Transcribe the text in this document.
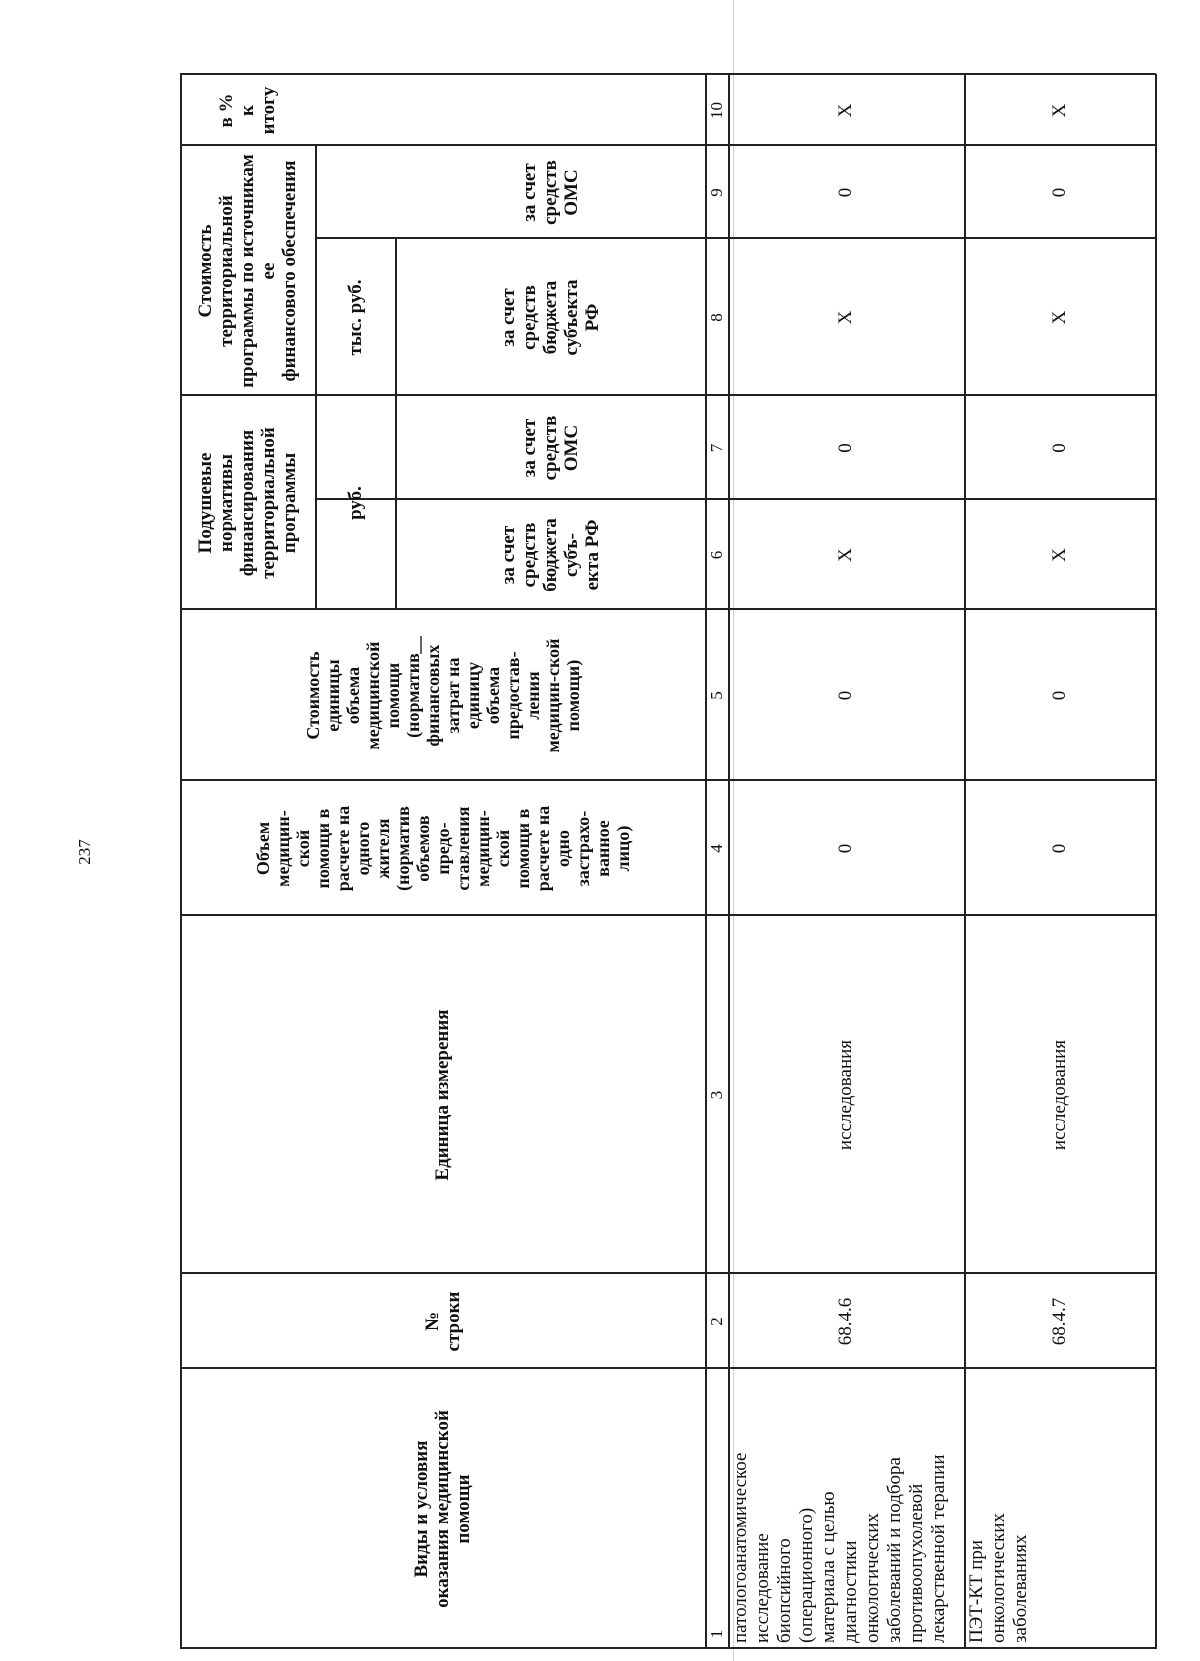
237
Виды и условия
оказания медицинской
помощи
№
строки
Единица измерения
Объем
медицин-
ской
помощи в
расчете на
одного
жителя
(норматив
объемов
предо-
ставления
медицин-
ской
помощи в
расчете на
одно
застрахо-
ванное
лицо)
Стоимость
единицы
объема
медицинской
помощи
(норматив
финансовых
затрат на
единицу
объема
предостав-
ления
медицин-ской
помощи)
Подушевые
нормативы
финансирования
территориальной
программы	руб.
за счет
средств
бюджета
субъ-
екта РФ
за счет
средств
ОМС
Стоимость территориальной
программы по источникам ее
финансового обеспечения
тыс. руб.	за счет
средств
бюджета
субъекта
РФ
за счет
средств
ОМС
в %
к
итогу
1
2
3
4
5
6
7
8
9
10
патологоанатомическое
исследование
биопсийного
(операционного)
материала с целью
диагностики
онкологических
заболеваний и подбора
противоопухолевой
лекарственной терапии
68.4.6
исследования
0
0
X
0
X
0
X
ПЭТ-КТ при
онкологических
заболеваниях
68.4.7
исследования
0
0
X
0
X
0
X
